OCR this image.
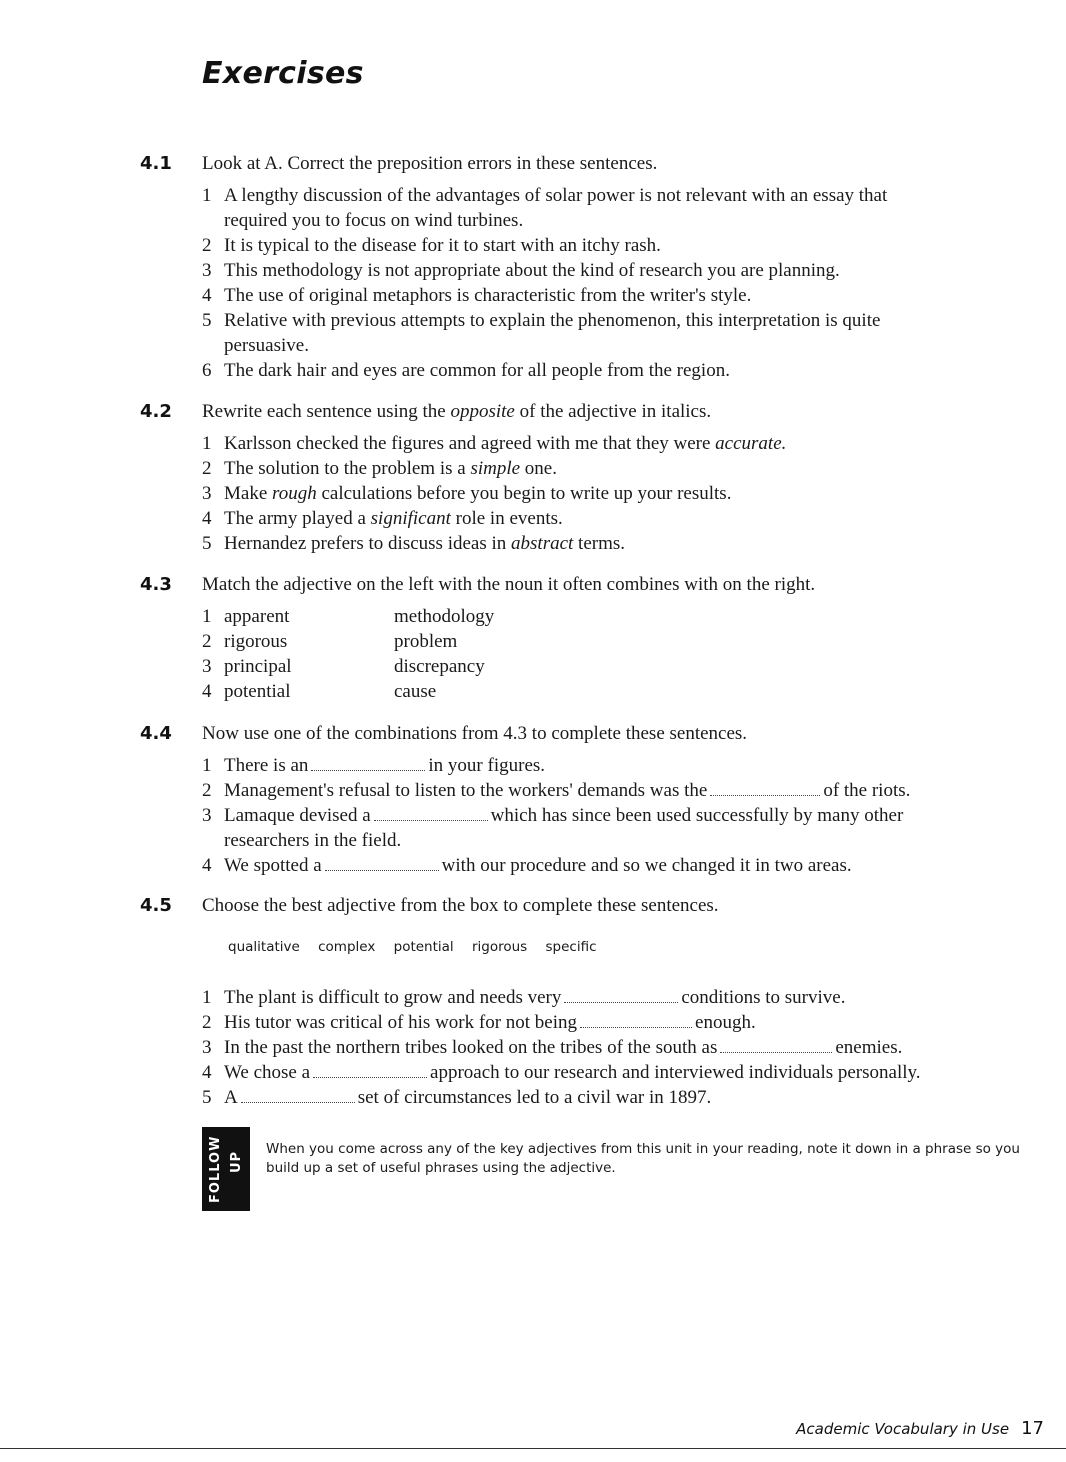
Exercises
4.1 Look at A. Correct the preposition errors in these sentences.

1 A lengthy discussion of the advantages of solar power is not relevant with an essay that
required you to focus on wind turbines.
2 It is typical to the disease for it to start with an itchy rash.
3 This methodology is not appropriate about the kind of research you are planning.
4 The use of original metaphors is characteristic from the writer's style.
5 Relative with previous attempts to explain the phenomenon, this interpretation is quite
persuasive.
6 The dark hair and eyes are common for all people from the region.
4.2 Rewrite each sentence using the opposite of the adjective in italics.

1 Karlsson checked the figures and agreed with me that they were accurate.
2 The solution to the problem is a simple one.
3 Make rough calculations before you begin to write up your results.
4 The army played a significant role in events.
5 Hernandez prefers to discuss ideas in abstract terms.
4.3 Match the adjective on the left with the noun it often combines with on the right.

1 apparent	methodology
2 rigorous	problem
3 principal	discrepancy
4 potential	cause
4.4 Now use one of the combinations from 4.3 to complete these sentences.

1 There is an	in your figures.
2 Management's refusal to listen to the workers' demands was the	of the riots.
3 Lamaque devised a	which has since been used successfully by many other
researchers in the field.
4 We spotted a	with our procedure and so we changed it in two areas.
4.5 Choose the best adjective from the box to complete these sentences.

1 The plant is difficult to grow and needs very	conditions to survive.
2 His tutor was critical of his work for not being	enough.
3 In the past the northern tribes looked on the tribes of the south as	enemies.
4 We chose a	approach to our research and interviewed individuals personally.
5 A	set of circumstances led to a civil war in 1897.
qualitative complex potential rigorous specific
FOLLOW UP

When you come across any of the key adjectives from this unit in your reading, note it down in a phrase so you build up a set of useful phrases using the adjective.

Academic Vocabulary in Use 17
